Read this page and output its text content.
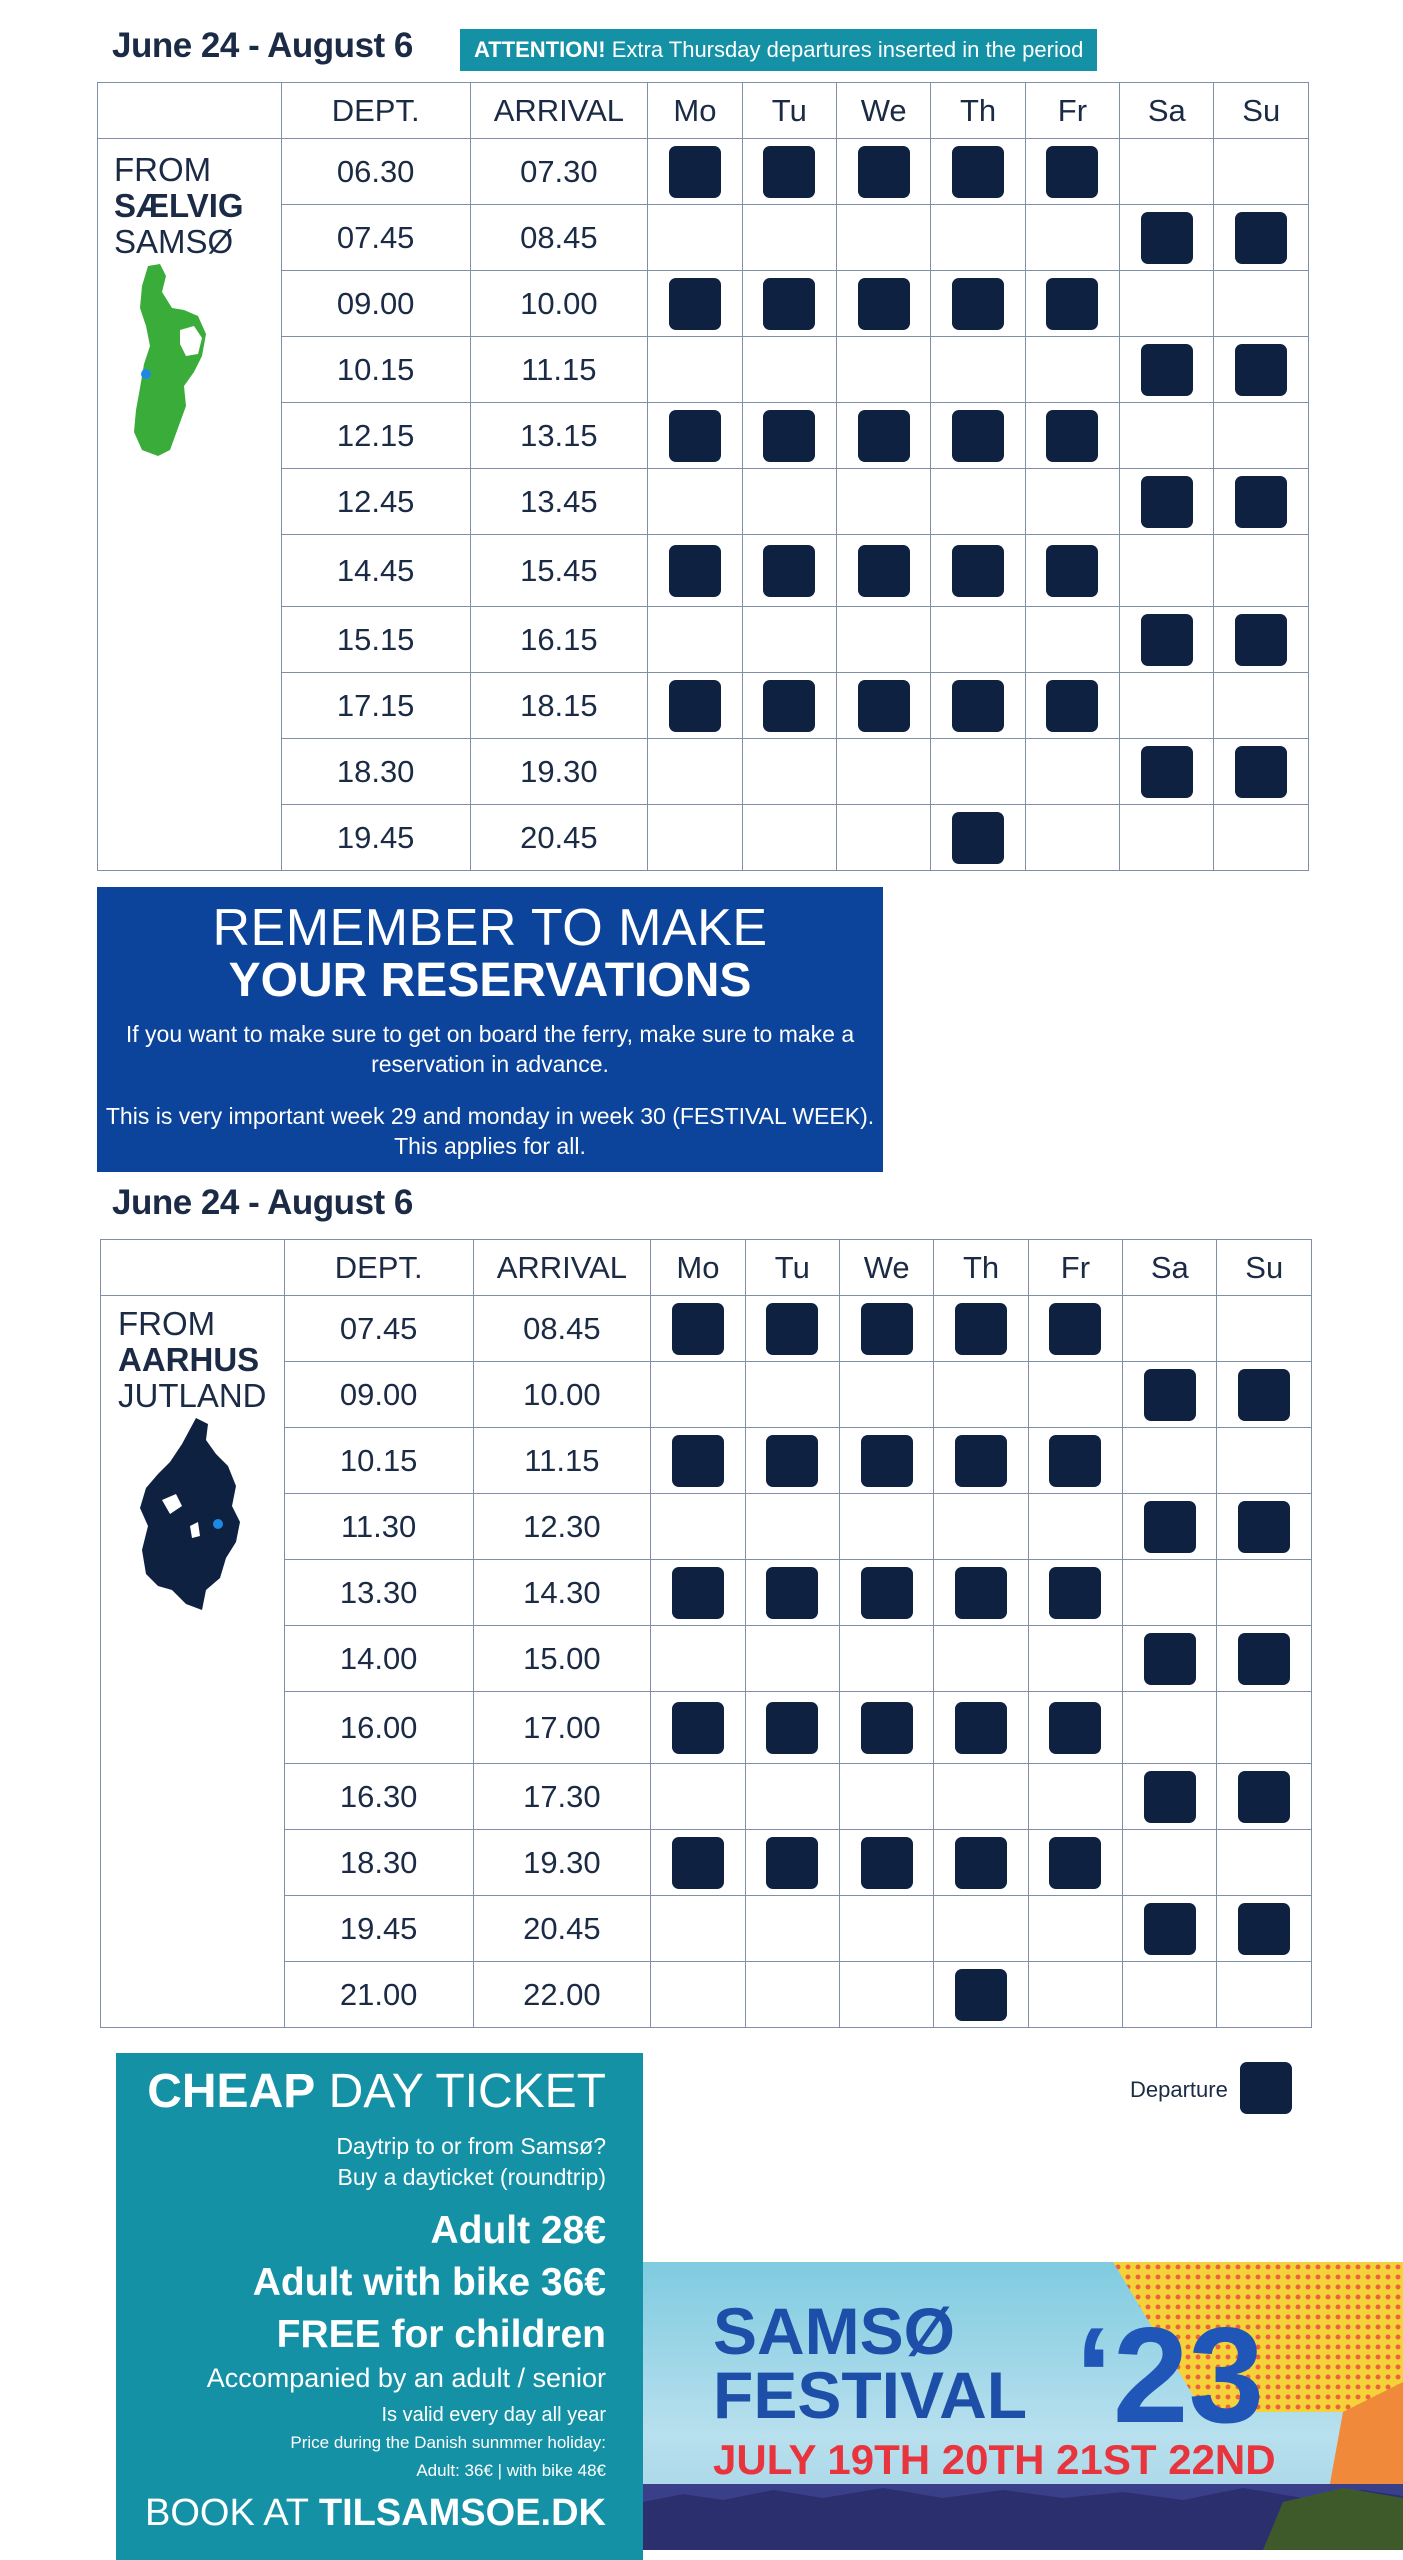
June 24 - August 6	ATTENTION! Extra Thursday departures inserted in the period
	DEPT.	ARRIVAL	Mo	Tu	We	Th	Fr	Sa	Su
	06.30	07.30							
	07.45	08.45							
	09.00	10.00							
	10.15	11.15							
	12.15	13.15							
	12.45	13.45							
	14.45	15.45							
	15.15	16.15							
	17.15	18.15							
	18.30	19.30							
	19.45	20.45							
FROM
SÆLVIG
SAMSØ
REMEMBER TO MAKE
YOUR RESERVATIONS
If you want to make sure to get on board the ferry, make sure to make a reservation in advance.
This is very important week 29 and monday in week 30 (FESTIVAL WEEK). This applies for all.
June 24 - August 6
	DEPT.	ARRIVAL	Mo	Tu	We	Th	Fr	Sa	Su
	07.45	08.45							
	09.00	10.00							
	10.15	11.15							
	11.30	12.30							
	13.30	14.30							
	14.00	15.00							
	16.00	17.00							
	16.30	17.30							
	18.30	19.30							
	19.45	20.45							
	21.00	22.00							
FROM
AARHUS
JUTLAND
Departure
CHEAP DAY TICKET
Daytrip to or from Samsø?
Buy a dayticket (roundtrip)
Adult 28€
Adult with bike 36€
FREE for children
Accompanied by an adult / senior
Is valid every day all year
Price during the Danish sunmmer holiday:
Adult: 36€ | with bike 48€
BOOK AT TILSAMSOE.DK
SAMSØ
FESTIVAL ‘23
JULY 19TH 20TH 21ST 22ND
